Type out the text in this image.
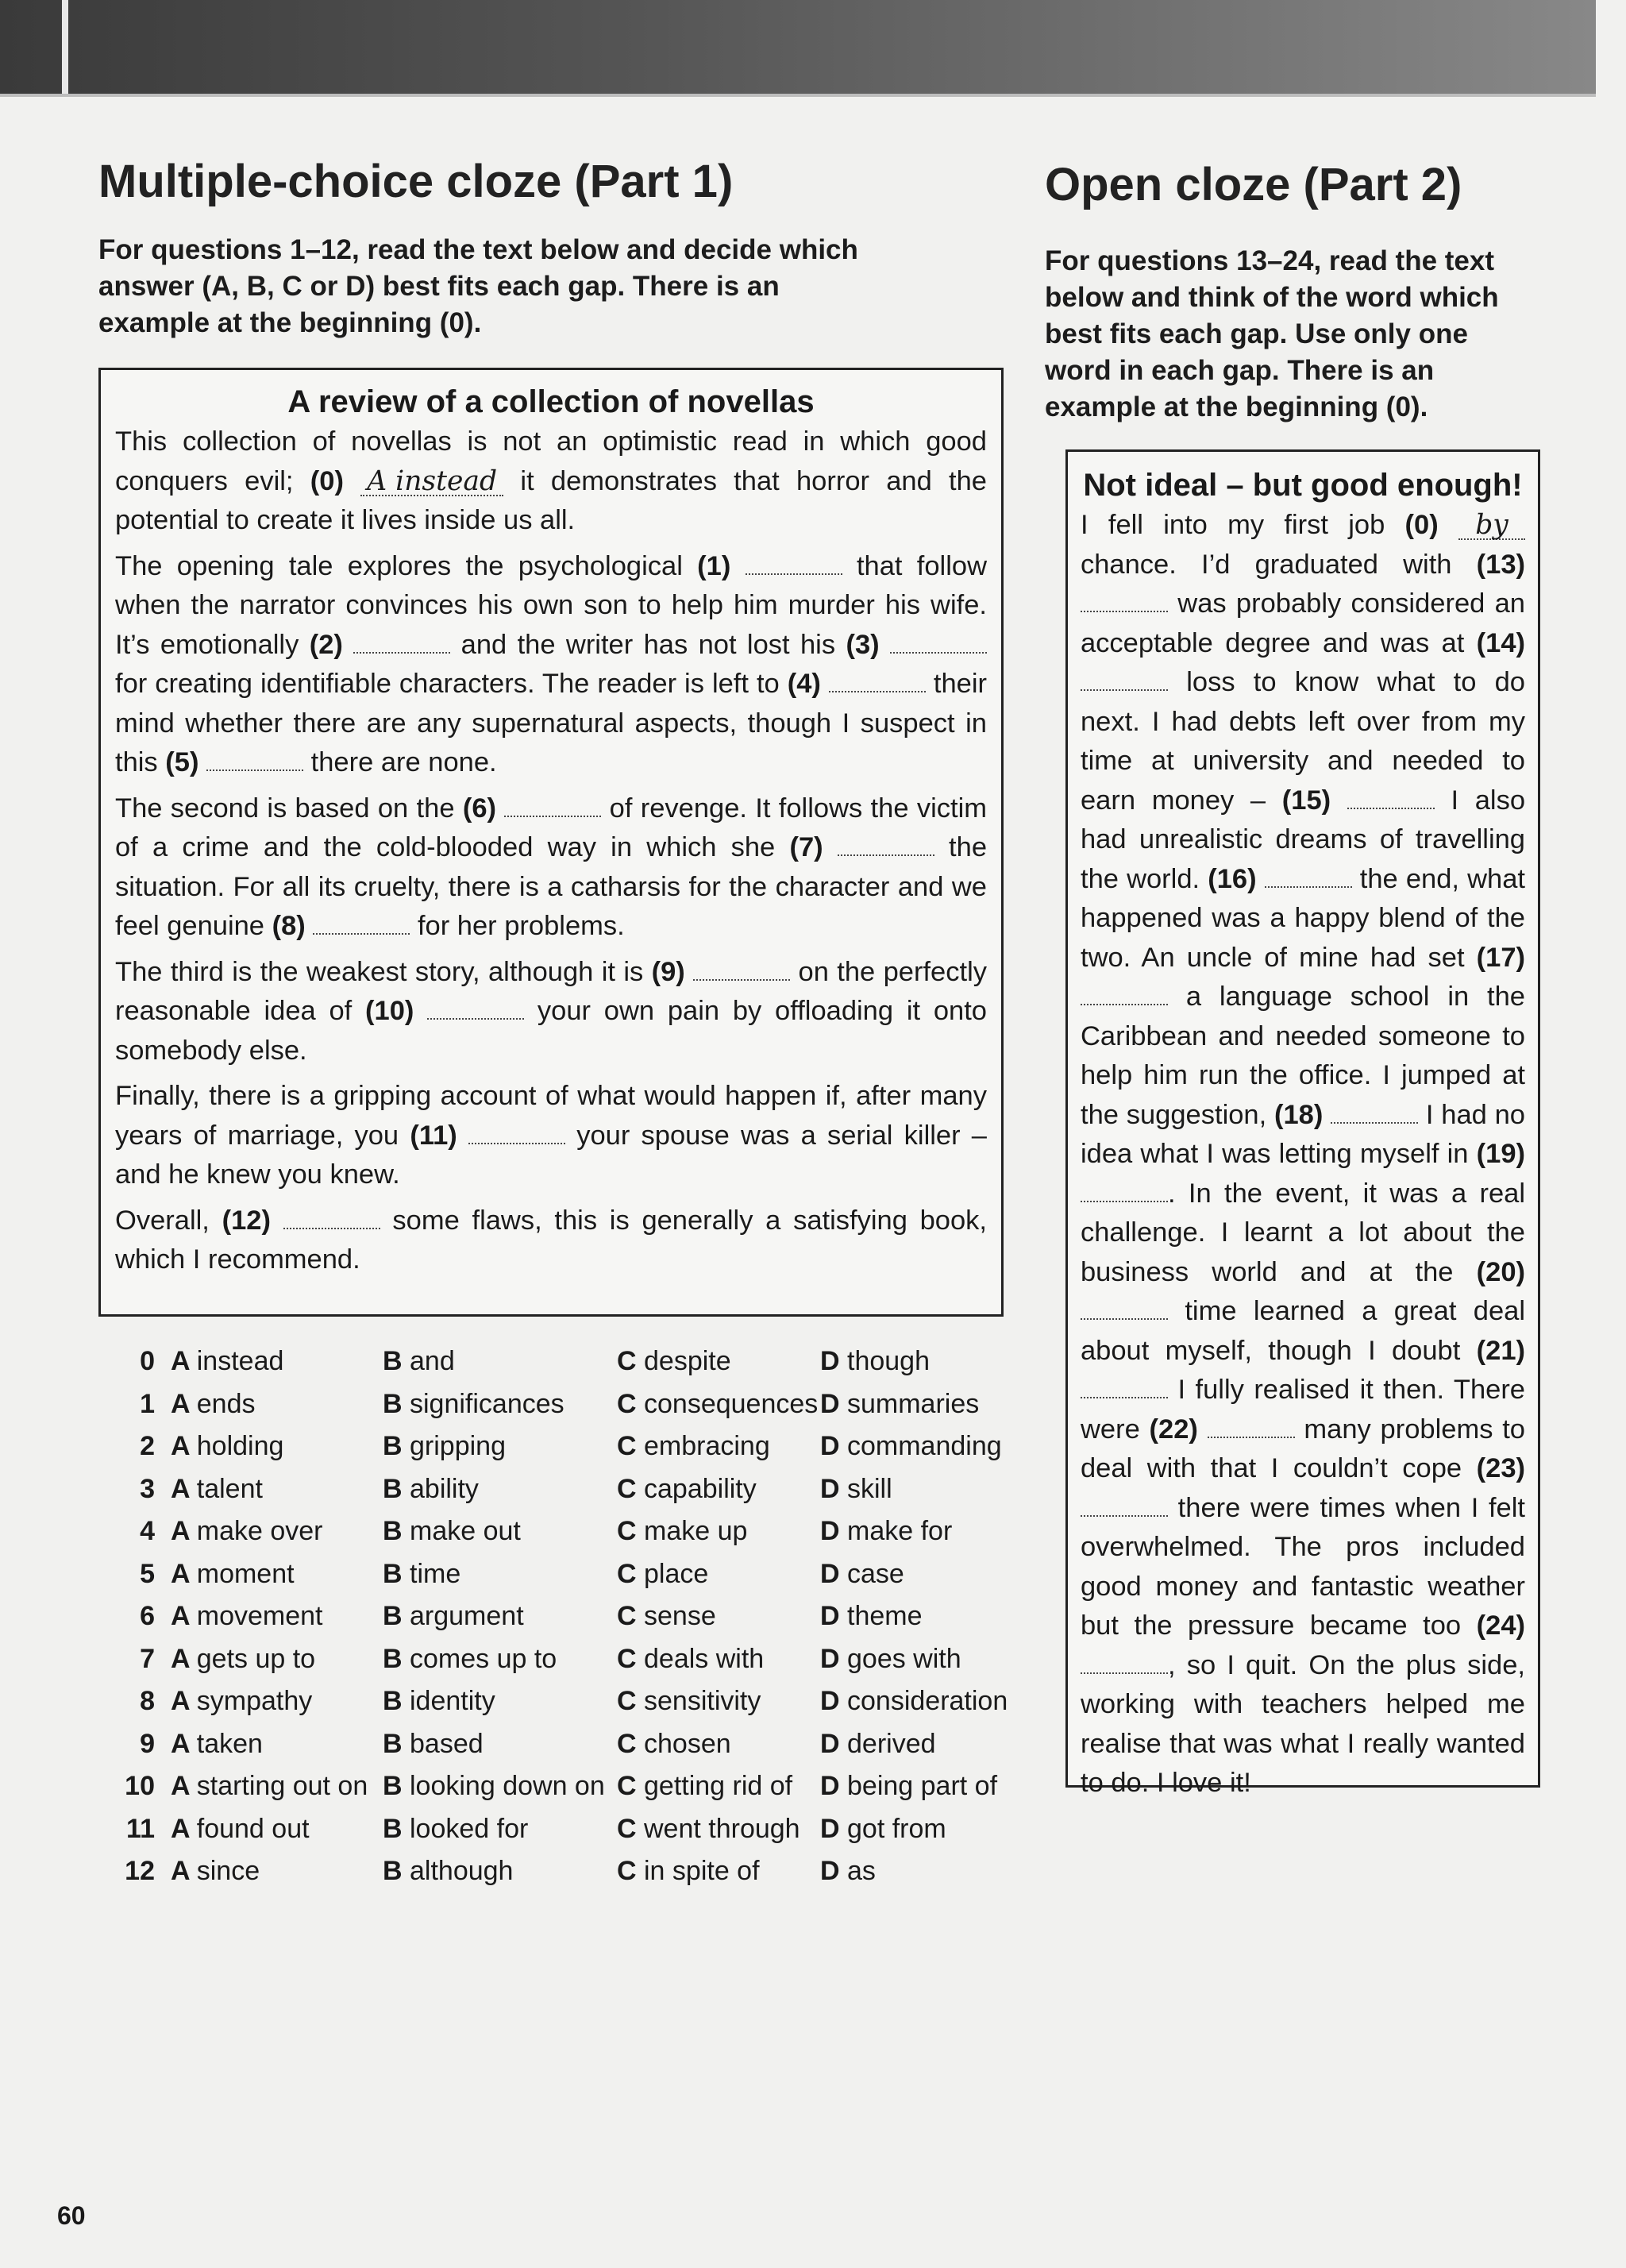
Multiple-choice cloze (Part 1)
For questions 1–12, read the text below and decide which answer (A, B, C or D) best fits each gap. There is an example at the beginning (0).
A review of a collection of novellas
This collection of novellas is not an optimistic read in which good conquers evil; (0) A instead it demonstrates that horror and the potential to create it lives inside us all.
The opening tale explores the psychological (1)	that follow when the narrator convinces his own son to help him murder his wife. It’s emotionally (2)	and the writer has not lost his (3)  for creating identifiable characters. The reader is left to (4)	their mind whether there are any supernatural aspects, though I suspect in this (5)	there are none.
The second is based on the (6)	of revenge. It follows the victim of a crime and the cold-blooded way in which she (7)	the situation. For all its cruelty, there is a catharsis for the character and we feel genuine (8)	for her problems.
The third is the weakest story, although it is (9)	on the perfectly reasonable idea of (10)	your own pain by offloading it onto somebody else.
Finally, there is a gripping account of what would happen if, after many years of marriage, you (11)	your spouse was a serial killer – and he knew you knew.
Overall, (12)	some flaws, this is generally a satisfying book, which I recommend.
0 A instead	B and	C despite	D though
1 A ends	B significances C consequences D summaries
2 A holding	B gripping	C embracing D commanding
3 A talent	B ability	C capability D skill
4 A make over B make out	C make up	D make for
5 A moment	B time	C place	D case
6 A movement B argument	C sense	D theme
7 A gets up to B comes up to C deals with D goes with
8 A sympathy	B identity	C sensitivity D consideration
9 A taken	B based	C chosen	D derived
10 A starting out on B looking down on C getting rid of D being part of
11 A found out	B looked for	C went through D got from
12 A since	B although	C in spite of D as
Open cloze (Part 2)
For questions 13–24, read the text below and think of the word which best fits each gap. Use only one word in each gap. There is an example at the beginning (0).
Not ideal – but good enough!
I fell into my first job (0) by chance. I’d graduated with (13)  was probably considered an acceptable degree and was at (14)  loss to know what to do next. I had debts left over from my time at university and needed to earn money – (15)	I also had unrealistic dreams of travelling the world. (16)	the end, what happened was a happy blend of the two. An uncle of mine had set (17)  a language school in the Caribbean and needed someone to help him run the office. I jumped at the suggestion, (18)	I had no idea what I was letting myself in (19) . In the event, it was a real challenge. I learnt a lot about the business world and at the (20)  time learned a great deal about myself, though I doubt (21)  I fully realised it then. There were (22)	many problems to deal with that I couldn’t cope (23)  there were times when I felt overwhelmed. The pros included good money and fantastic weather but the pressure became too (24) , so I quit. On the plus side, working with teachers helped me realise that was what I really wanted to do. I love it!
60
